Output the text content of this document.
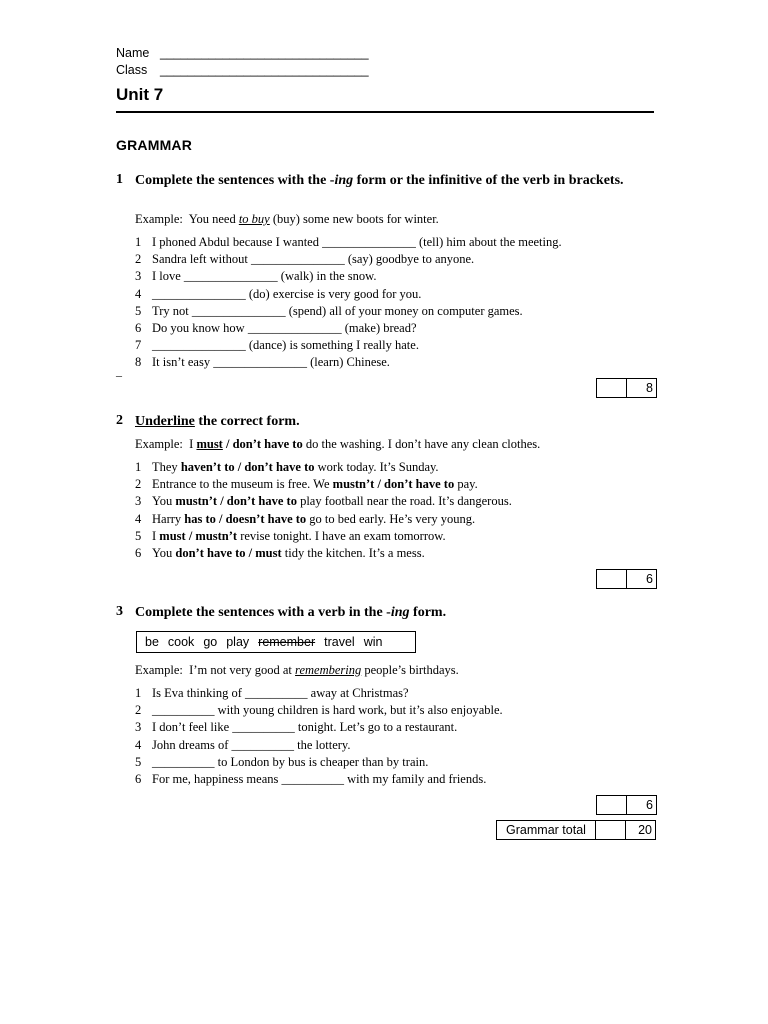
Name ______________________________
Class ______________________________
Unit 7
GRAMMAR
1 Complete the sentences with the -ing form or the infinitive of the verb in brackets.
Example: You need to buy (buy) some new boots for winter.
1 I phoned Abdul because I wanted _______________ (tell) him about the meeting.
2 Sandra left without _______________ (say) goodbye to anyone.
3 I love _______________ (walk) in the snow.
4 _______________ (do) exercise is very good for you.
5 Try not _______________ (spend) all of your money on computer games.
6 Do you know how _______________ (make) bread?
7 _______________ (dance) is something I really hate.
8 It isn’t easy _______________ (learn) Chinese.
–
8
2 Underline the correct form.
Example: I must / don’t have to do the washing. I don’t have any clean clothes.
1 They haven’t to / don’t have to work today. It’s Sunday.
2 Entrance to the museum is free. We mustn’t / don’t have to pay.
3 You mustn’t / don’t have to play football near the road. It’s dangerous.
4 Harry has to / doesn’t have to go to bed early. He’s very young.
5 I must / mustn’t revise tonight. I have an exam tomorrow.
6 You don’t have to / must tidy the kitchen. It’s a mess.
6
3 Complete the sentences with a verb in the -ing form.
be cook go play remember travel win
Example: I’m not very good at remembering people’s birthdays.
1 Is Eva thinking of __________ away at Christmas?
2 __________ with young children is hard work, but it’s also enjoyable.
3 I don’t feel like __________ tonight. Let’s go to a restaurant.
4 John dreams of __________ the lottery.
5 __________ to London by bus is cheaper than by train.
6 For me, happiness means __________ with my family and friends.
6
Grammar total	20
